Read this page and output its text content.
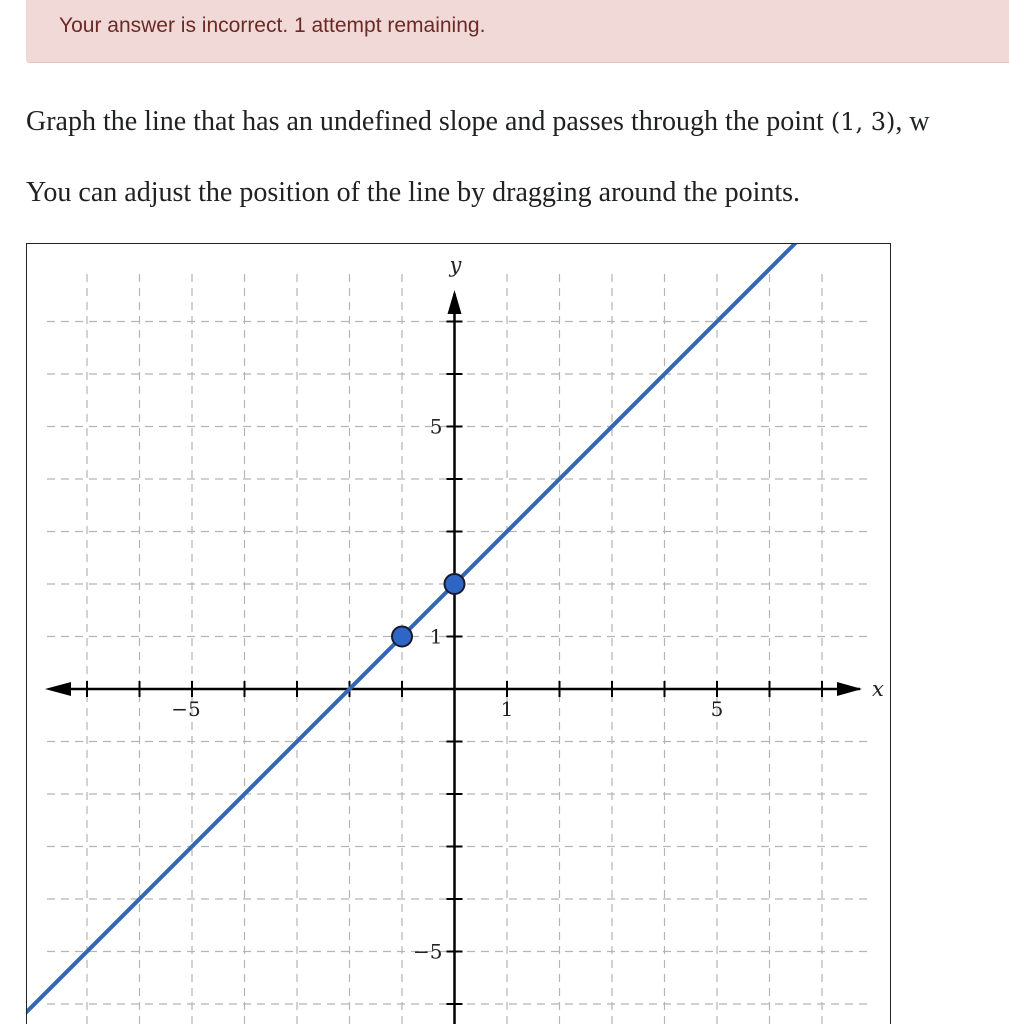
Your answer is incorrect. 1 attempt remaining.
Graph the line that has an undefined slope and passes through the point (1, 3), w
You can adjust the position of the line by dragging around the points.
x
y
−5	1	5
5
1
−5
